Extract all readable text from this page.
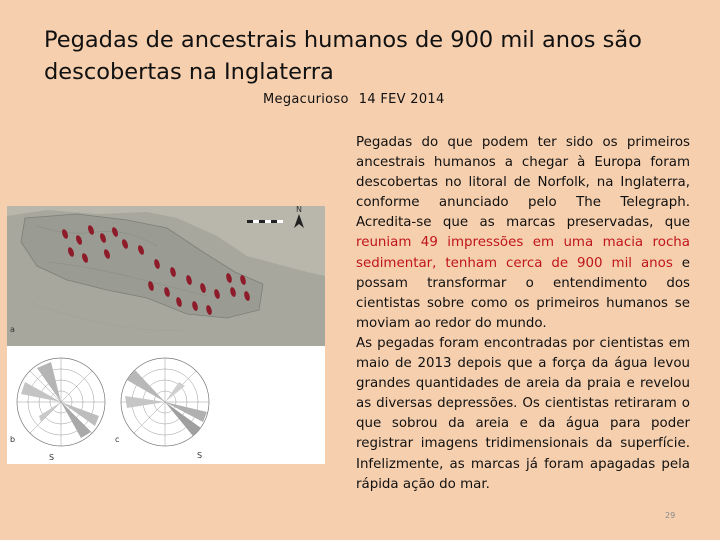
Pegadas de ancestrais humanos de 900 mil anos são descobertas na Inglaterra
Megacurioso 14 FEV 2014
N
a
S
b
S
c

Pegadas do que podem ter sido os primeiros ancestrais humanos a chegar à Europa foram descobertas no litoral de Norfolk, na Inglaterra, conforme anunciado pelo The Telegraph. Acredita-se que as marcas preservadas, que reuniam 49 impressões em uma macia rocha sedimentar, tenham cerca de 900 mil anos e possam transformar o entendimento dos cientistas sobre como os primeiros humanos se moviam ao redor do mundo.

As pegadas foram encontradas por cientistas em maio de 2013 depois que a força da água levou grandes quantidades de areia da praia e revelou as diversas depressões. Os cientistas retiraram o que sobrou da areia e da água para poder registrar imagens tridimensionais da superfície. Infelizmente, as marcas já foram apagadas pela rápida ação do mar.

29
